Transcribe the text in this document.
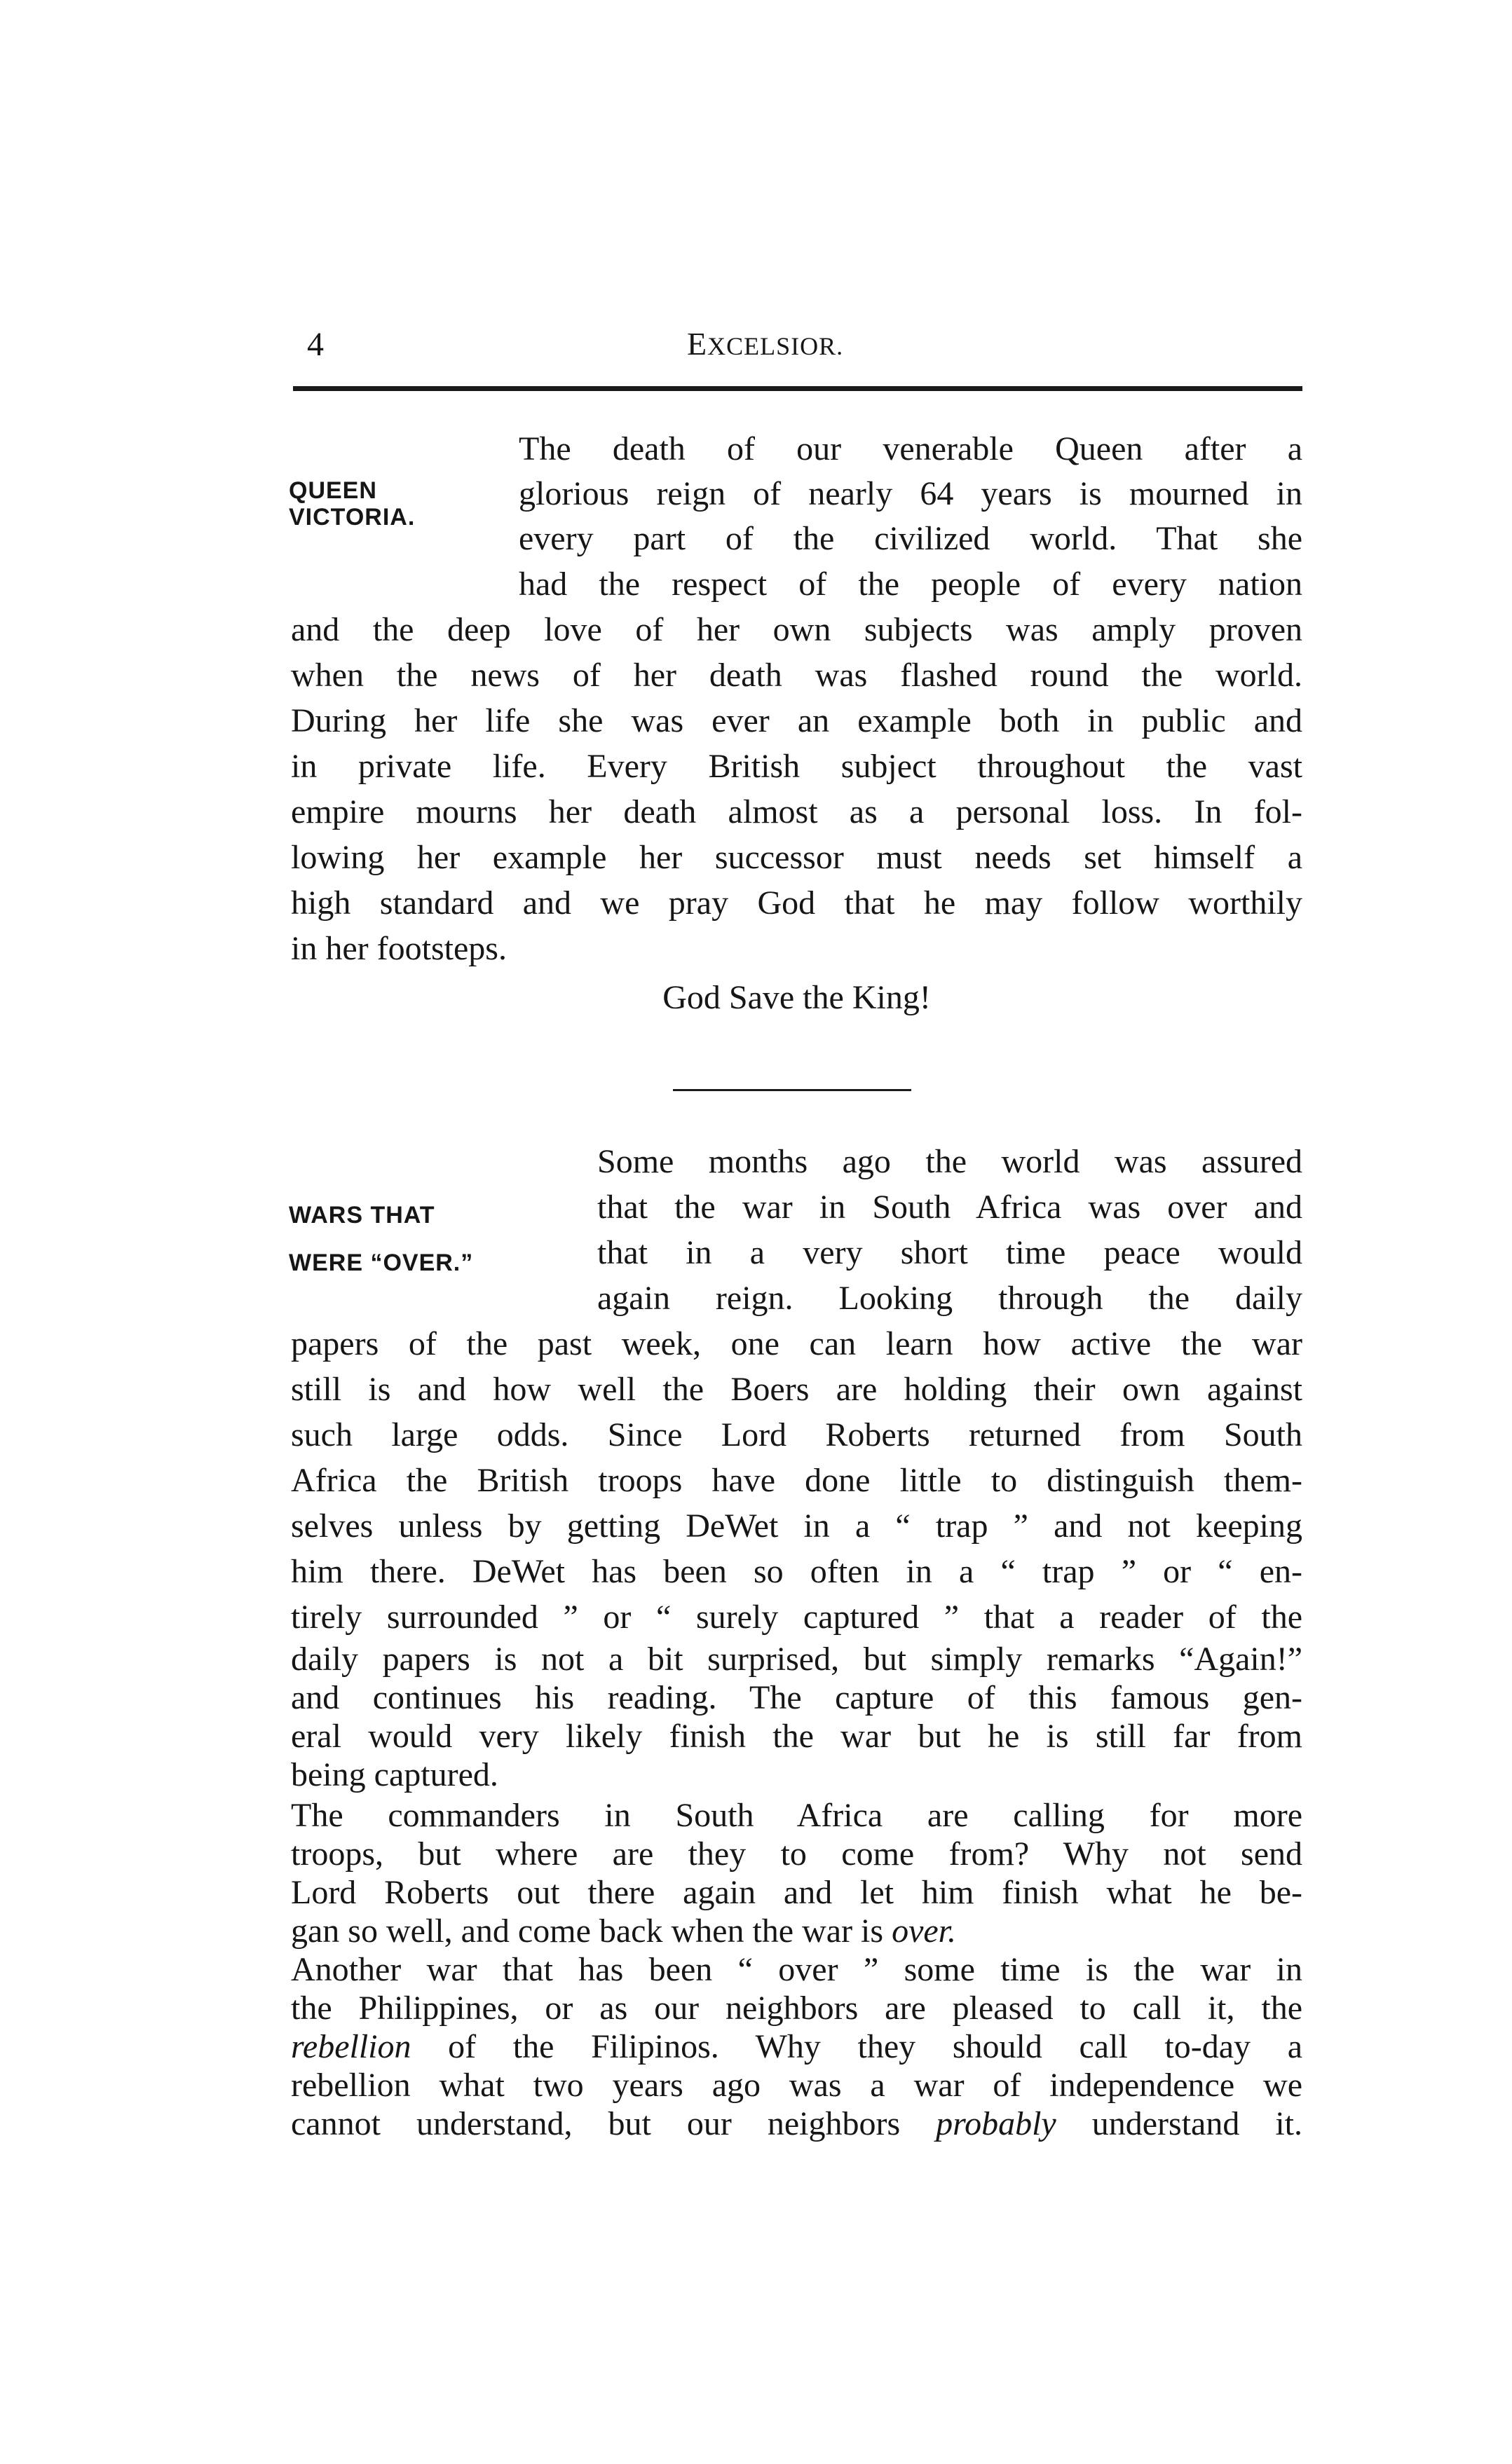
4	EXCELSIOR.
QUEEN
VICTORIA.
The death of our venerable Queen after a
glorious reign of nearly 64 years is mourned in
every part of the civilized world. That she
had the respect of the people of every nation
and the deep love of her own subjects was amply proven
when the news of her death was flashed round the world.
During her life she was ever an example both in public and
in private life. Every British subject throughout the vast
empire mourns her death almost as a personal loss. In fol-
lowing her example her successor must needs set himself a
high standard and we pray God that he may follow worthily
in her footsteps.
God Save the King!
WARS THAT
WERE “OVER.”
Some months ago the world was assured
that the war in South Africa was over and
that in a very short time peace would
again reign. Looking through the daily
papers of the past week, one can learn how active the war
still is and how well the Boers are holding their own against
such large odds. Since Lord Roberts returned from South
Africa the British troops have done little to distinguish them-
selves unless by getting DeWet in a “ trap ” and not keeping
him there. DeWet has been so often in a “ trap ” or “ en-
tirely surrounded ” or “ surely captured ” that a reader of the
daily papers is not a bit surprised, but simply remarks “Again!”
and continues his reading. The capture of this famous gen-
eral would very likely finish the war but he is still far from
being captured.
The commanders in South Africa are calling for more
troops, but where are they to come from? Why not send
Lord Roberts out there again and let him finish what he be-
gan so well, and come back when the war is over.
Another war that has been “ over ” some time is the war in
the Philippines, or as our neighbors are pleased to call it, the
rebellion of the Filipinos. Why they should call to-day a
rebellion what two years ago was a war of independence we
cannot understand, but our neighbors probably understand it.
